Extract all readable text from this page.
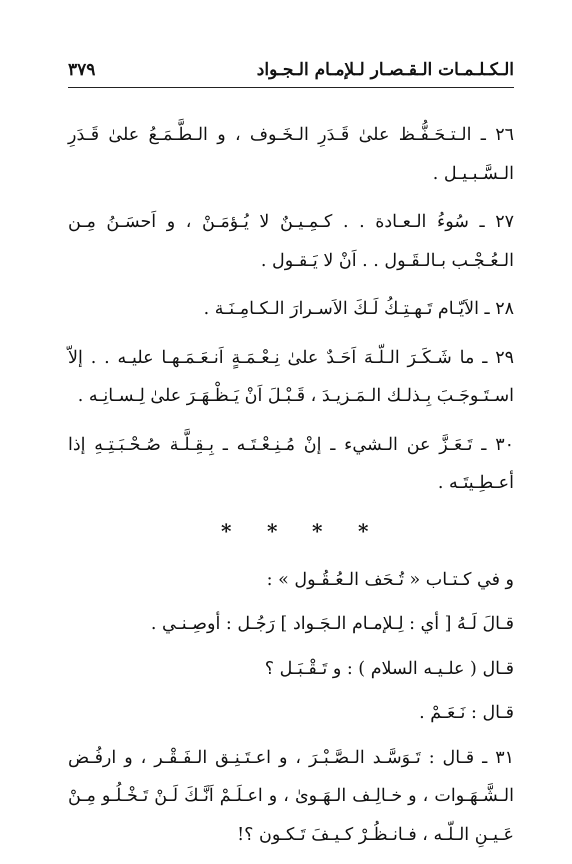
الـكـلـمـات الـقـصـار لـلإمـام الـجـواد
٣٧٩

٢٦ ـ الـتـحَـفُّـظ علىٰ قَـدَرِ الـخَـوف ، و الـطَّـمَـعُ علىٰ قَـدَرِ الـسَّـبـيـل .

٢٧ ـ سُوءُ الـعـادة . . كـمِـيـنٌ لا يُـؤمَـنْ ، و اَحسَـنُ مِـن الـعُـجْـب بـالـقَـول . . اَنْ لا يَـقـول .

٢٨ ـ الاَيّـام تَـهـتِـكُ لَـكَ الاَسـرارَ الـكـامِـنَـة .

٢٩ ـ ما شَـكَـرَ الـلّـهَ اَحَـدٌ علىٰ نِـعْـمَـةٍ اَنـعَـمَـهـا عليـه . . إلاّ اسـتَـوجَـبَ بِـذلـك الـمَـزيـدَ ، قَـبْـلَ اَنْ يَـظْـهَـرَ علىٰ لِـسـانِـه .

٣٠ ـ تَـعَـزَّ عن الـشيء ـ إنْ مُـنِـعْـتَـه ـ بِـقِـلَّـة صُـحْـبَـتِـهِ إذا أعـطِـيتَـه .

* * * *

و في كـتـاب « تُـحَف الـعُـقُـول » :

قـالَ لَـهُ [ أي : لِـلإمـام الـجَـواد ] رَجُـل : أوصِـنـي .

قـال ( علـيـه السلام ) : و تَـقْـبَـل ؟

قـال : نَـعَـمْ .

٣١ ـ قـال : تَـوَسَّـد الـصَّـبْـرَ ، و اعـتَـنِـق الـفَـقْـر ، و ارفُـض الـشَّـهَـوات ، و خـالِـف الـهَـوىٰ ، و اعـلَـمْ اَنَّـكَ لَـنْ تَـخْـلُـو مِـنْ عَـيـنِ الـلّـه ، فـانـظُـرْ كـيـفَ تَـكـون ؟!
